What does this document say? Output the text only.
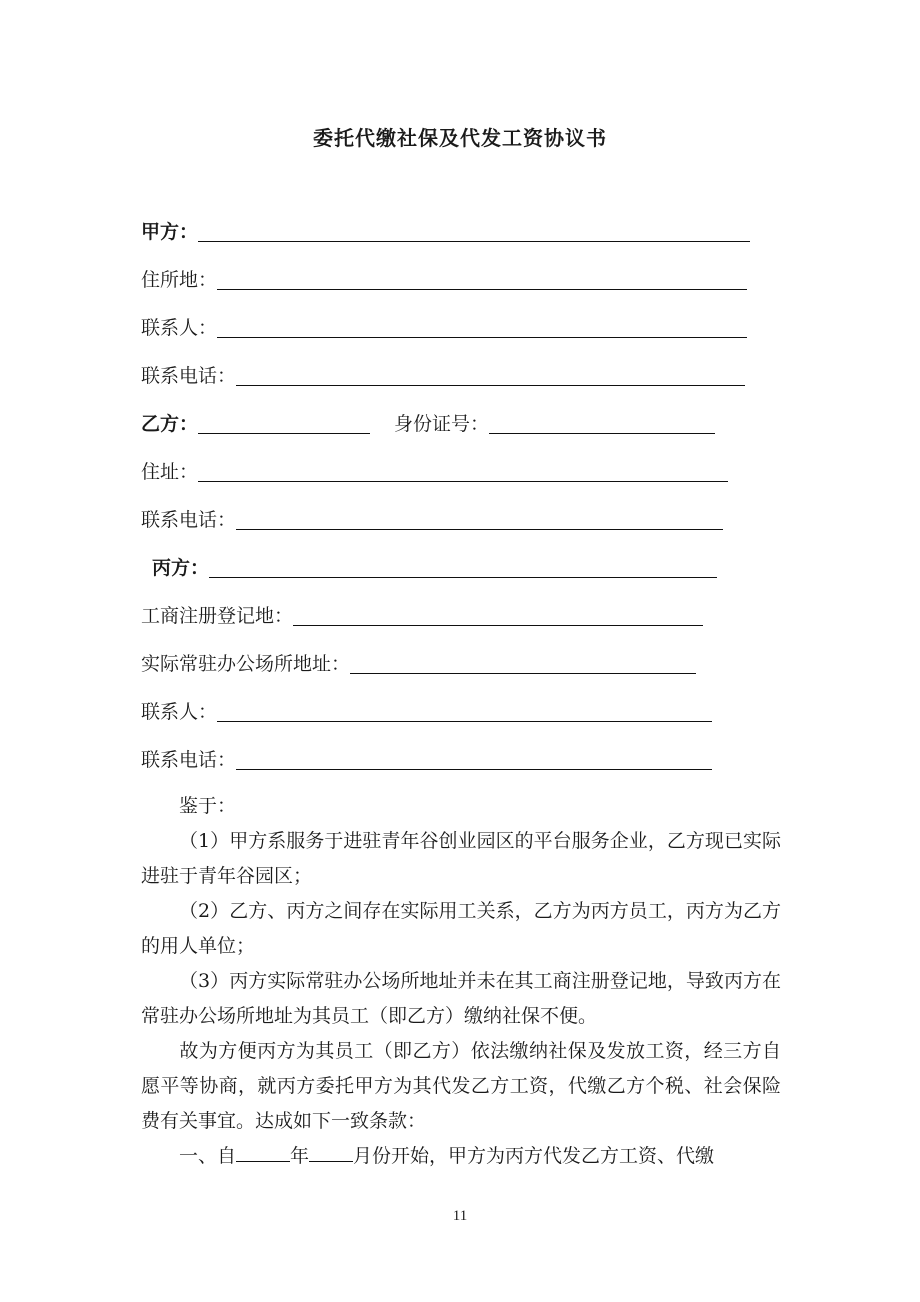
委托代缴社保及代发工资协议书
甲方：
住所地：
联系人：
联系电话：
乙方：	身份证号：
住址：
联系电话：
丙方：
工商注册登记地：
实际常驻办公场所地址：
联系人：
联系电话：
鉴于：
（1）甲方系服务于进驻青年谷创业园区的平台服务企业，乙方现已实际进驻于青年谷园区；
（2）乙方、丙方之间存在实际用工关系，乙方为丙方员工，丙方为乙方的用人单位；
（3）丙方实际常驻办公场所地址并未在其工商注册登记地，导致丙方在常驻办公场所地址为其员工（即乙方）缴纳社保不便。
故为方便丙方为其员工（即乙方）依法缴纳社保及发放工资，经三方自愿平等协商，就丙方委托甲方为其代发乙方工资，代缴乙方个税、社会保险费有关事宜。达成如下一致条款：
一、自	年 月份开始，甲方为丙方代发乙方工资、代缴
11
